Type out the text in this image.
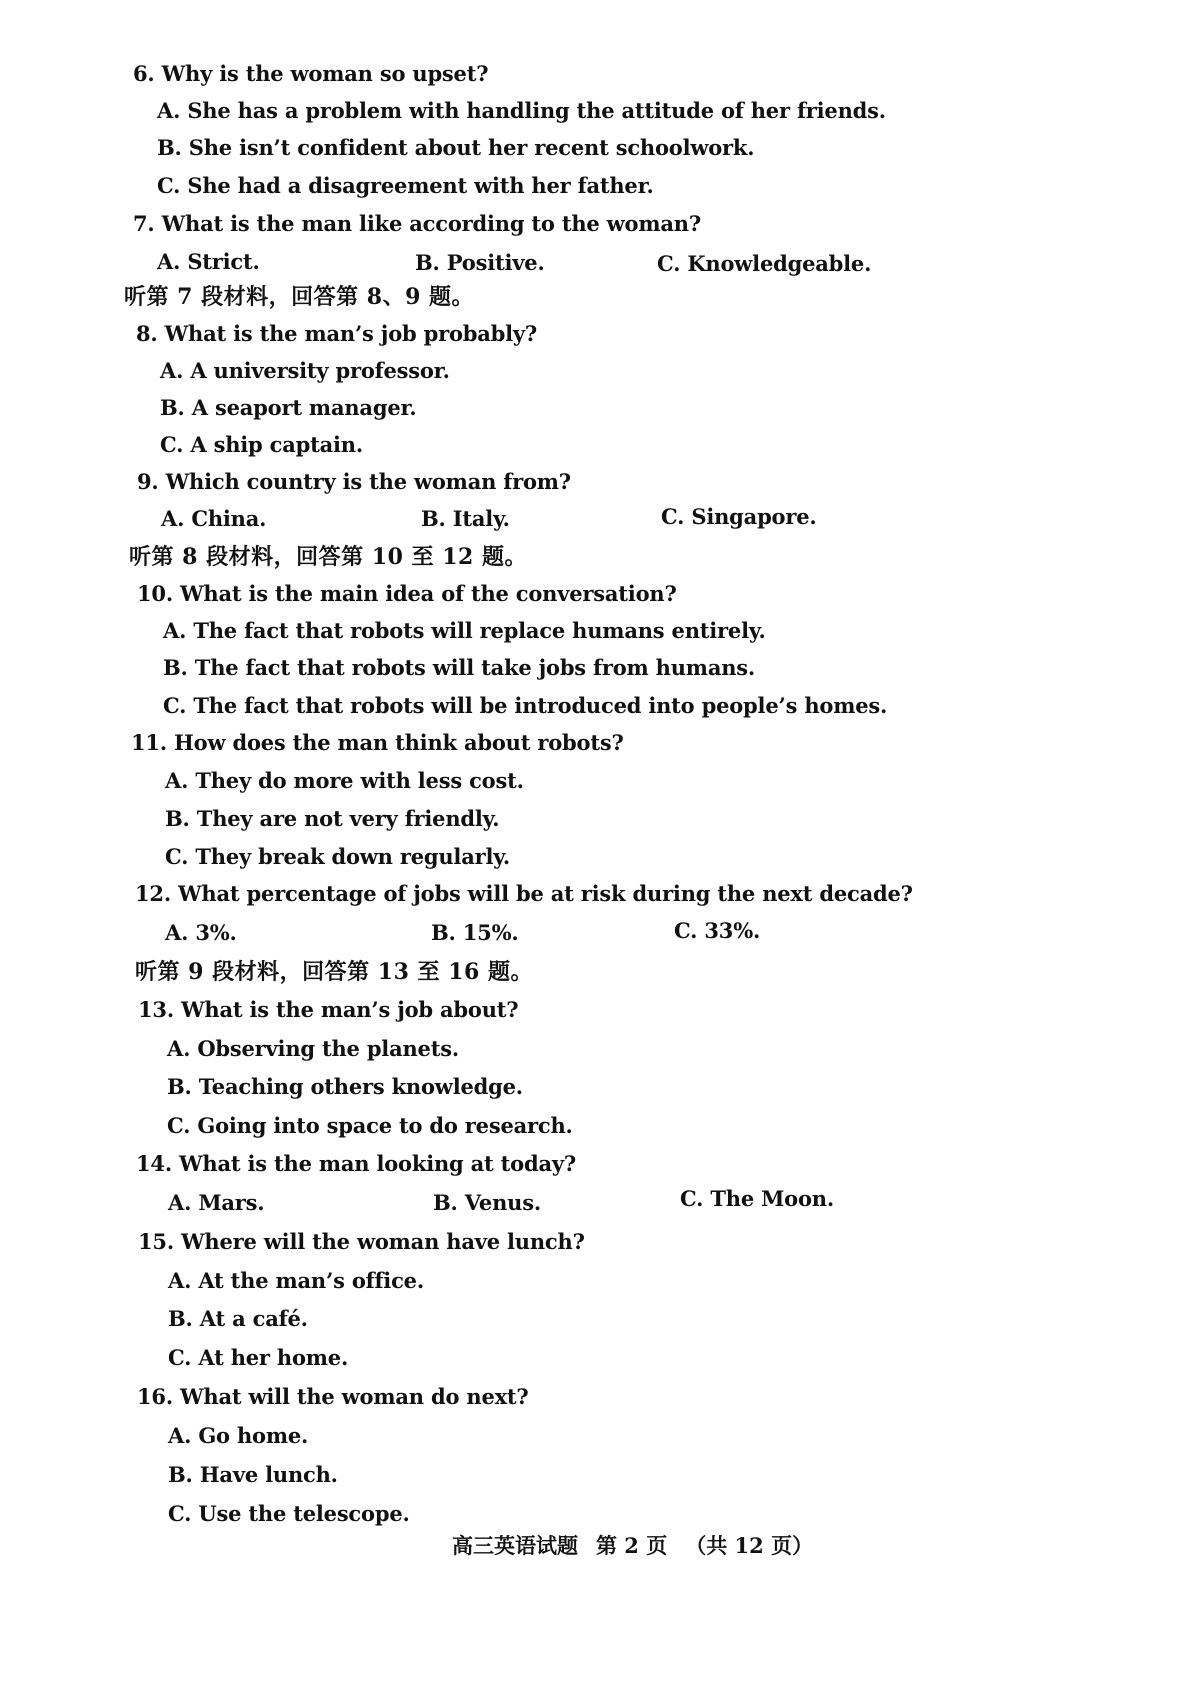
6. Why is the woman so upset?
A. She has a problem with handling the attitude of her friends.
B. She isn’t confident about her recent schoolwork.
C. She had a disagreement with her father.
7. What is the man like according to the woman?
A. Strict.	B. Positive.	C. Knowledgeable.
听第 7 段材料，回答第 8、9 题。
8. What is the man’s job probably?
A. A university professor.
B. A seaport manager.
C. A ship captain.
9. Which country is the woman from?
A. China.	B. Italy.	C. Singapore.
听第 8 段材料，回答第 10 至 12 题。
10. What is the main idea of the conversation?
A. The fact that robots will replace humans entirely.
B. The fact that robots will take jobs from humans.
C. The fact that robots will be introduced into people’s homes.
11. How does the man think about robots?
A. They do more with less cost.
B. They are not very friendly.
C. They break down regularly.
12. What percentage of jobs will be at risk during the next decade?
A. 3%.	B. 15%.	C. 33%.
听第 9 段材料，回答第 13 至 16 题。
13. What is the man’s job about?
A. Observing the planets.
B. Teaching others knowledge.
C. Going into space to do research.
14. What is the man looking at today?
A. Mars.	B. Venus.	C. The Moon.
15. Where will the woman have lunch?
A. At the man’s office.
B. At a café.
C. At her home.
16. What will the woman do next?
A. Go home.
B. Have lunch.
C. Use the telescope.
高三英语试题 第 2 页 （共 12 页）
